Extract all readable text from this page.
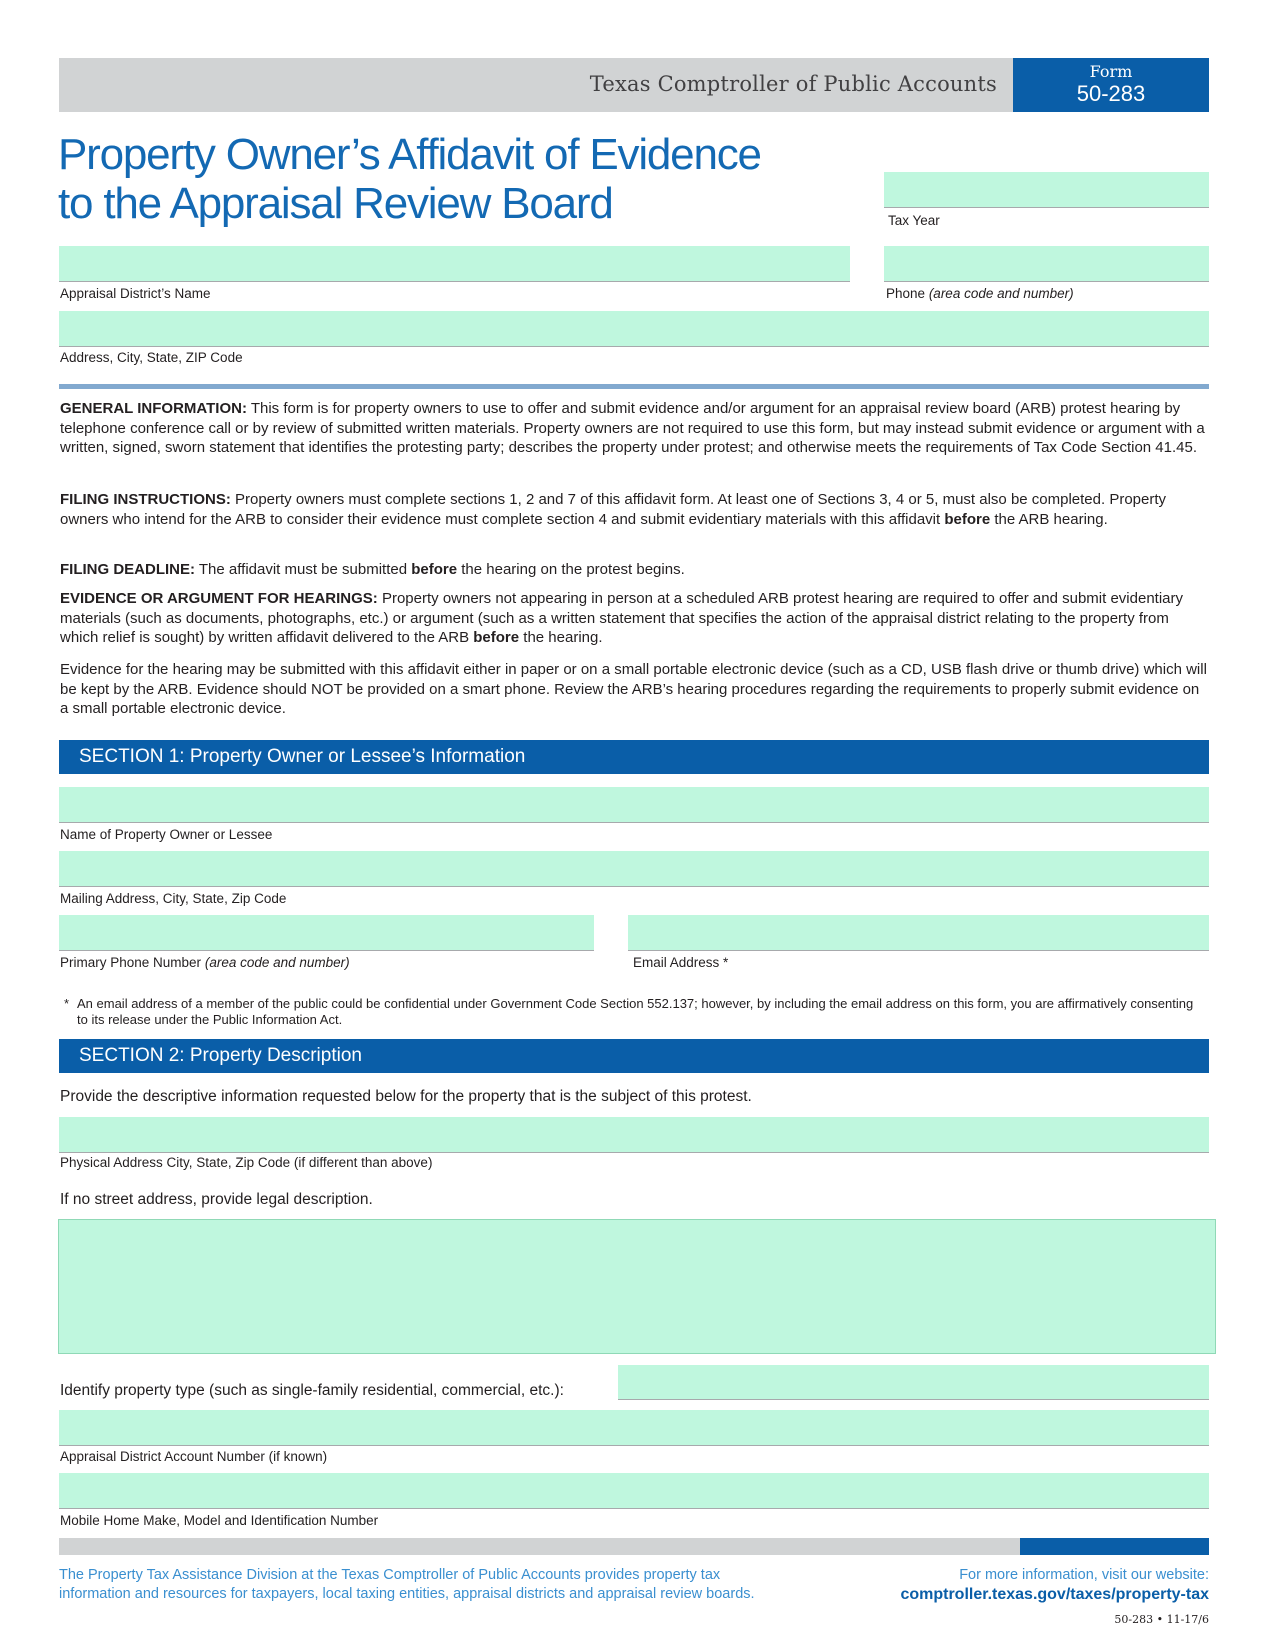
Texas Comptroller of Public Accounts
Form
50-283
Property Owner’s Affidavit of Evidence
to the Appraisal Review Board	Tax Year
Appraisal District’s Name	Phone (area code and number)
Address, City, State, ZIP Code
GENERAL INFORMATION: This form is for property owners to use to offer and submit evidence and/or argument for an appraisal review board (ARB) protest hearing by telephone conference call or by review of submitted written materials. Property owners are not required to use this form, but may instead submit evidence or argument with a written, signed, sworn statement that identifies the protesting party; describes the property under protest; and otherwise meets the requirements of Tax Code Section 41.45.
FILING INSTRUCTIONS: Property owners must complete sections 1, 2 and 7 of this affidavit form. At least one of Sections 3, 4 or 5, must also be completed. Property owners who intend for the ARB to consider their evidence must complete section 4 and submit evidentiary materials with this affidavit before the ARB hearing.
FILING DEADLINE: The affidavit must be submitted before the hearing on the protest begins.
EVIDENCE OR ARGUMENT FOR HEARINGS: Property owners not appearing in person at a scheduled ARB protest hearing are required to offer and submit evidentiary materials (such as documents, photographs, etc.) or argument (such as a written statement that specifies the action of the appraisal district relating to the property from which relief is sought) by written affidavit delivered to the ARB before the hearing.
Evidence for the hearing may be submitted with this affidavit either in paper or on a small portable electronic device (such as a CD, USB flash drive or thumb drive) which will be kept by the ARB. Evidence should NOT be provided on a smart phone. Review the ARB’s hearing procedures regarding the requirements to properly submit evidence on a small portable electronic device.
SECTION 1: Property Owner or Lessee’s Information
Name of Property Owner or Lessee
Mailing Address, City, State, Zip Code
Primary Phone Number (area code and number)	Email Address *
* An email address of a member of the public could be confidential under Government Code Section 552.137; however, by including the email address on this form, you are affirmatively consenting to its release under the Public Information Act.
SECTION 2: Property Description
Provide the descriptive information requested below for the property that is the subject of this protest.
Physical Address City, State, Zip Code (if different than above)
If no street address, provide legal description.
Identify property type (such as single-family residential, commercial, etc.):
Appraisal District Account Number (if known)
Mobile Home Make, Model and Identification Number
The Property Tax Assistance Division at the Texas Comptroller of Public Accounts provides property tax
information and resources for taxpayers, local taxing entities, appraisal districts and appraisal review boards.
For more information, visit our website:
comptroller.texas.gov/taxes/property-tax
50-283 • 11-17/6
